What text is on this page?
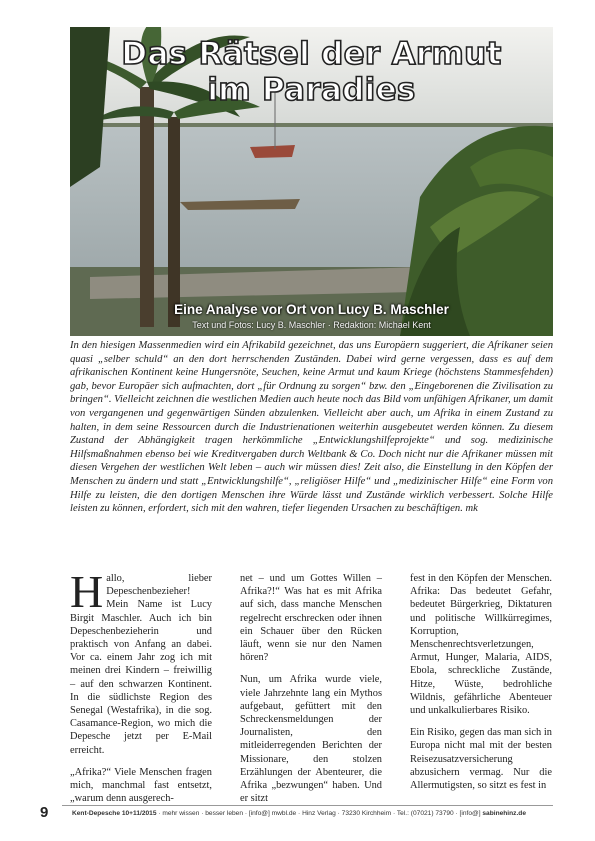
Das Rätsel der Armut
im Paradies
Eine Analyse vor Ort von Lucy B. Maschler
Text und Fotos: Lucy B. Maschler · Redaktion: Michael Kent

In den hiesigen Massenmedien wird ein Afrikabild gezeichnet, das uns Europäern suggeriert, die Afrikaner seien quasi „selber schuld“ an den dort herrschenden Zuständen. Dabei wird gerne vergessen, dass es auf dem afrikanischen Kontinent keine Hungersnöte, Seuchen, keine Armut und kaum Kriege (höchstens Stammesfehden) gab, bevor Europäer sich aufmachten, dort „für Ordnung zu sorgen“ bzw. den „Eingeborenen die Zivilisation zu bringen“. Vielleicht zeichnen die westlichen Medien auch heute noch das Bild vom unfähigen Afrikaner, um damit von vergangenen und gegenwärtigen Sünden abzulenken. Vielleicht aber auch, um Afrika in einem Zustand zu halten, in dem seine Ressourcen durch die Industrienationen weiterhin ausgebeutet werden können. Zu diesem Zustand der Abhängigkeit tragen herkömmliche „Entwicklungshilfeprojekte“ und sog. medizinische Hilfsmaßnahmen ebenso bei wie Kreditvergaben durch Weltbank & Co. Doch nicht nur die Afrikaner müssen mit diesen Vergehen der westlichen Welt leben – auch wir müssen dies! Zeit also, die Einstellung in den Köpfen der Menschen zu ändern und statt „Entwicklungshilfe“, „religiöser Hilfe“ und „medizinischer Hilfe“ eine Form von Hilfe zu leisten, die den dortigen Menschen ihre Würde lässt und Zustände wirklich verbessert. Solche Hilfe leisten zu können, erfordert, sich mit den wahren, tiefer liegenden Ursachen zu beschäftigen. mk

Hallo, lieber Depeschenbezieher! Mein Name ist Lucy Birgit Maschler. Auch ich bin Depeschenbezieherin und praktisch von Anfang an dabei. Vor ca. einem Jahr zog ich mit meinen drei Kindern – freiwillig – auf den schwarzen Kontinent. In die südlichste Region des Senegal (Westafrika), in die sog. Casamance-Region, wo mich die Depesche jetzt per E-Mail erreicht.

„Afrika?“ Viele Menschen fragen mich, manchmal fast entsetzt, „warum denn ausgerech-

net – und um Gottes Willen – Afrika?!“ Was hat es mit Afrika auf sich, dass manche Menschen regelrecht erschrecken oder ihnen ein Schauer über den Rücken läuft, wenn sie nur den Namen hören?

Nun, um Afrika wurde viele, viele Jahrzehnte lang ein Mythos aufgebaut, gefüttert mit den Schreckensmeldungen der Journalisten, den mitleiderregenden Berichten der Missionare, den stolzen Erzählungen der Abenteurer, die Afrika „bezwungen“ haben. Und er sitzt

fest in den Köpfen der Menschen. Afrika: Das bedeutet Gefahr, bedeutet Bürgerkrieg, Diktaturen und politische Willkürregimes, Korruption, Menschenrechtsverletzungen, Armut, Hunger, Malaria, AIDS, Ebola, schreckliche Zustände, Hitze, Wüste, bedrohliche Wildnis, gefährliche Abenteuer und unkalkulierbares Risiko.

Ein Risiko, gegen das man sich in Europa nicht mal mit der besten Reisezusatzversicherung abzusichern vermag. Nur die Allermutigsten, so sitzt es fest in

9	Kent-Depesche 10+11/2015 · mehr wissen · besser leben · [info@] mwbl.de · Hinz Verlag · 73230 Kirchheim · Tel.: (07021) 73790 · [info@] sabinehinz.de
